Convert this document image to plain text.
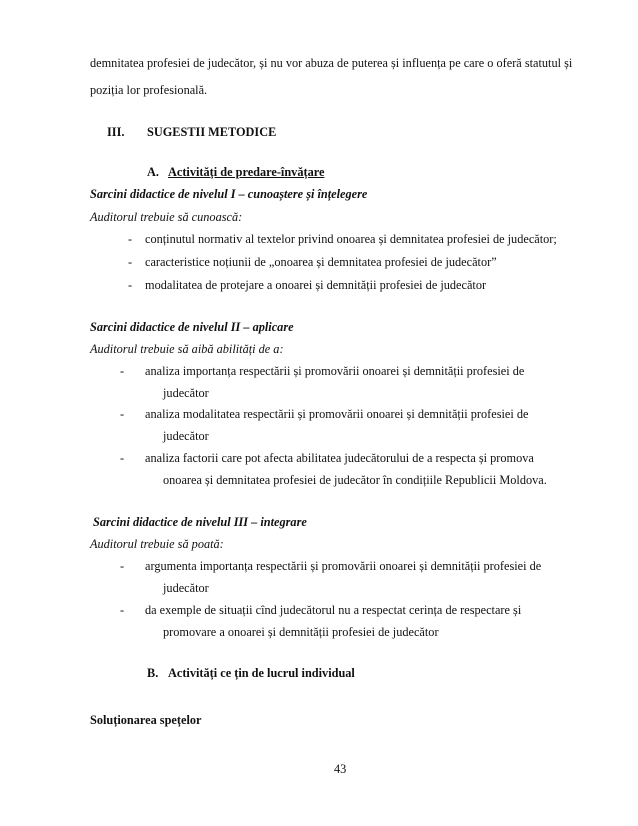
demnitatea profesiei de judecător, și nu vor abuza de puterea și influența pe care o oferă statutul și
poziția lor profesională.
III. SUGESTII METODICE
A. Activități de predare-învățare
Sarcini didactice de nivelul I – cunoaștere și înțelegere
Auditorul trebuie să cunoască:
- conținutul normativ al textelor privind onoarea și demnitatea profesiei de judecător;
- caracteristice noțiunii de „onoarea și demnitatea profesiei de judecător”
- modalitatea de protejare a onoarei și demnității profesiei de judecător
Sarcini didactice de nivelul II – aplicare
Auditorul trebuie să aibă abilități de a:
- analiza importanța respectării și promovării onoarei și demnității profesiei de
judecător
- analiza modalitatea respectării și promovării onoarei și demnității profesiei de
judecător
- analiza factorii care pot afecta abilitatea judecătorului de a respecta și promova
onoarea și demnitatea profesiei de judecător în condițiile Republicii Moldova.
Sarcini didactice de nivelul III – integrare
Auditorul trebuie să poată:
- argumenta importanța respectării și promovării onoarei și demnității profesiei de
judecător
- da exemple de situații cînd judecătorul nu a respectat cerința de respectare și
promovare a onoarei și demnității profesiei de judecător
B. Activități ce țin de lucrul individual
Soluționarea spețelor
43
